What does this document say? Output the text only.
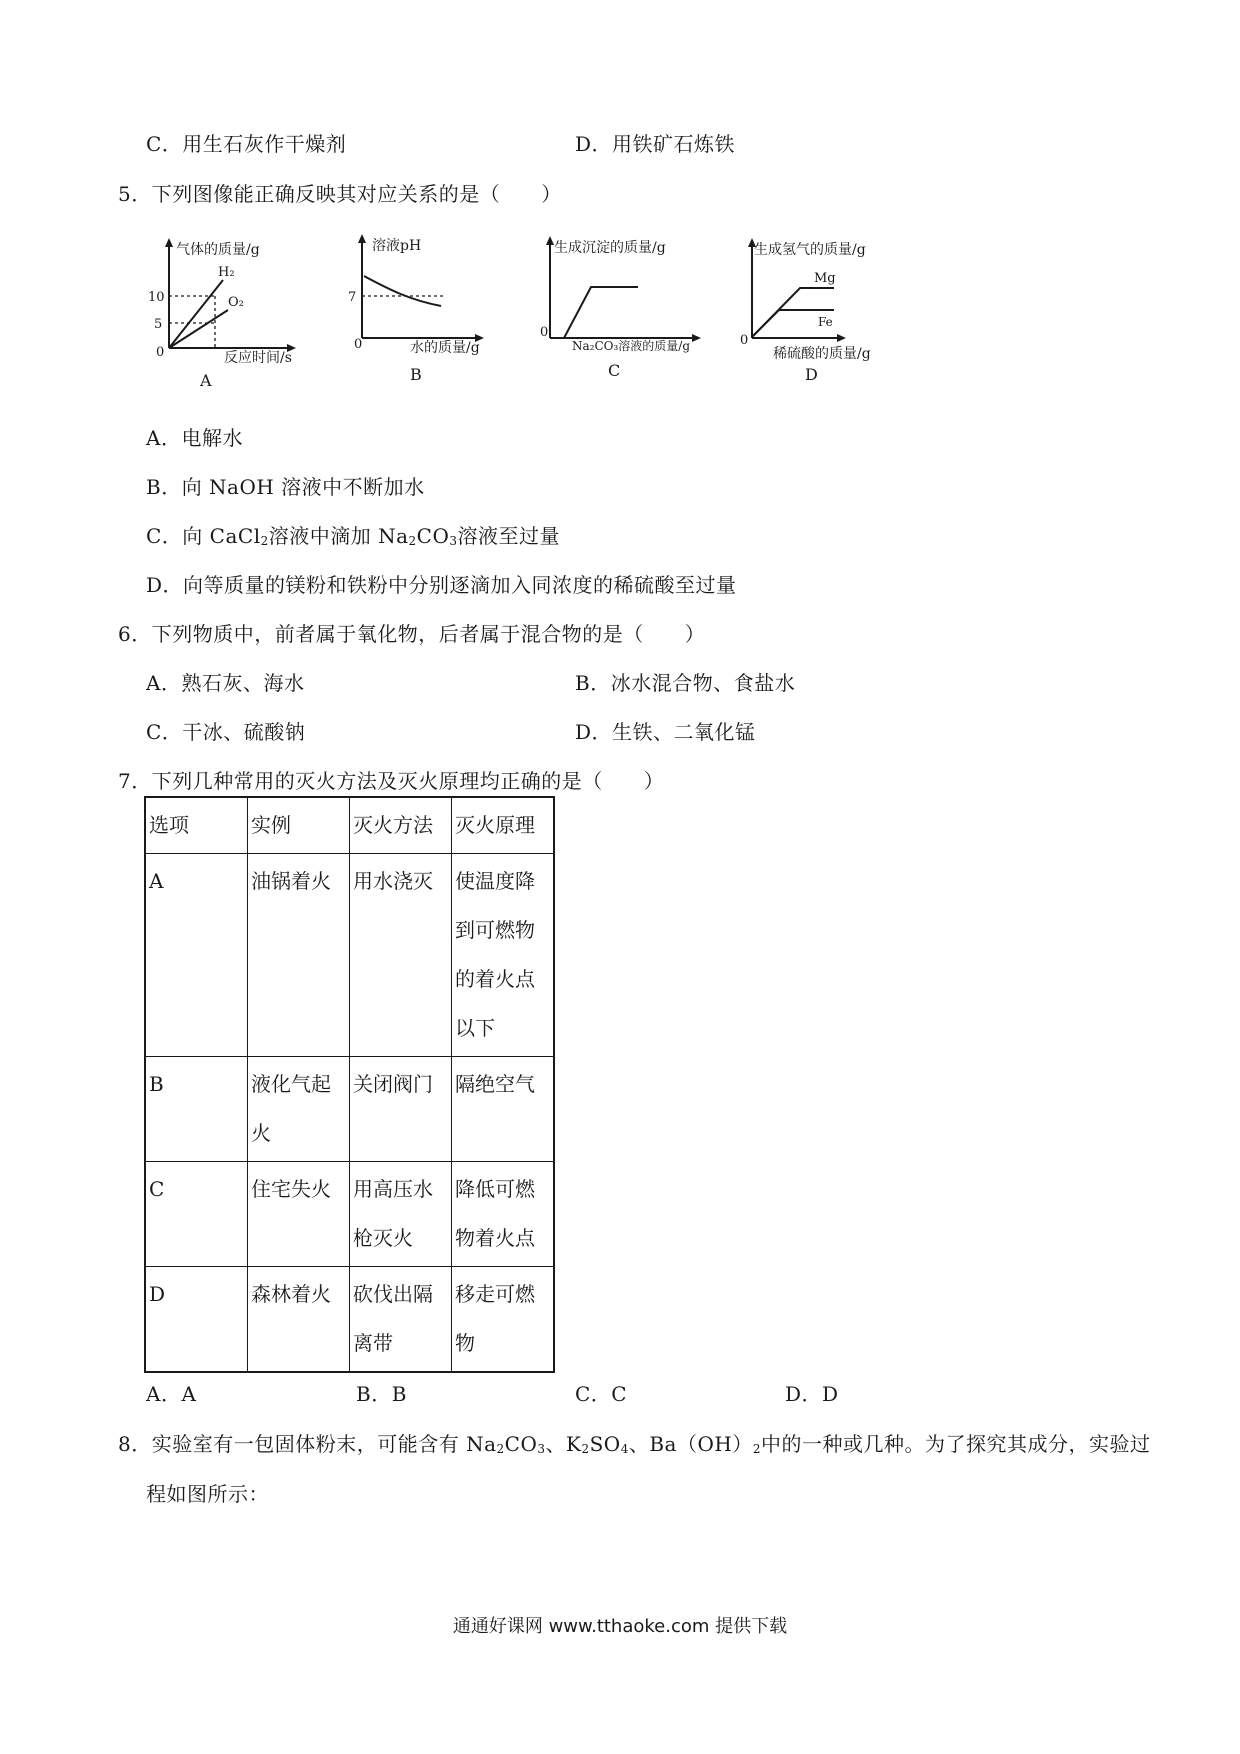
C．用生石灰作干燥剂	D．用铁矿石炼铁
5．下列图像能正确反映其对应关系的是（　　）
气体的质量/g
H₂
O₂
10
5
0	反应时间/s
A
溶液pH
7
0	水的质量/g
B
生成沉淀的质量/g
0
Na₂CO₃溶液的质量/g
C
生成氢气的质量/g
Mg
Fe
0
稀硫酸的质量/g
D
A．电解水
B．向 NaOH 溶液中不断加水
C．向 CaCl$_2$溶液中滴加 $Na_2CO_3$溶液至过量
D．向等质量的镁粉和铁粉中分别逐滴加入同浓度的稀硫酸至过量
6．下列物质中，前者属于氧化物，后者属于混合物的是（　　）
A．熟石灰、海水	B．冰水混合物、食盐水
C．干冰、硫酸钠	D．生铁、二氧化锰
7．下列几种常用的灭火方法及灭火原理均正确的是（　　）
选项	实例	灭火方法	灭火原理
A	油锅着火	用水浇灭	使温度降到可燃物的着火点以下
B	液化气起火	关闭阀门	隔绝空气
C	住宅失火	用高压水枪灭火	降低可燃物着火点
D	森林着火	砍伐出隔离带	移走可燃物
A．A	B．B	C．C	D．D
8．实验室有一包固体粉末，可能含有 $Na_2CO_3$、$K_2SO_4$、$Ba(OH)_2$中的一种或几种。为了探究其成分，实验过
程如图所示：
通通好课网 www.tthaoke.com 提供下载
